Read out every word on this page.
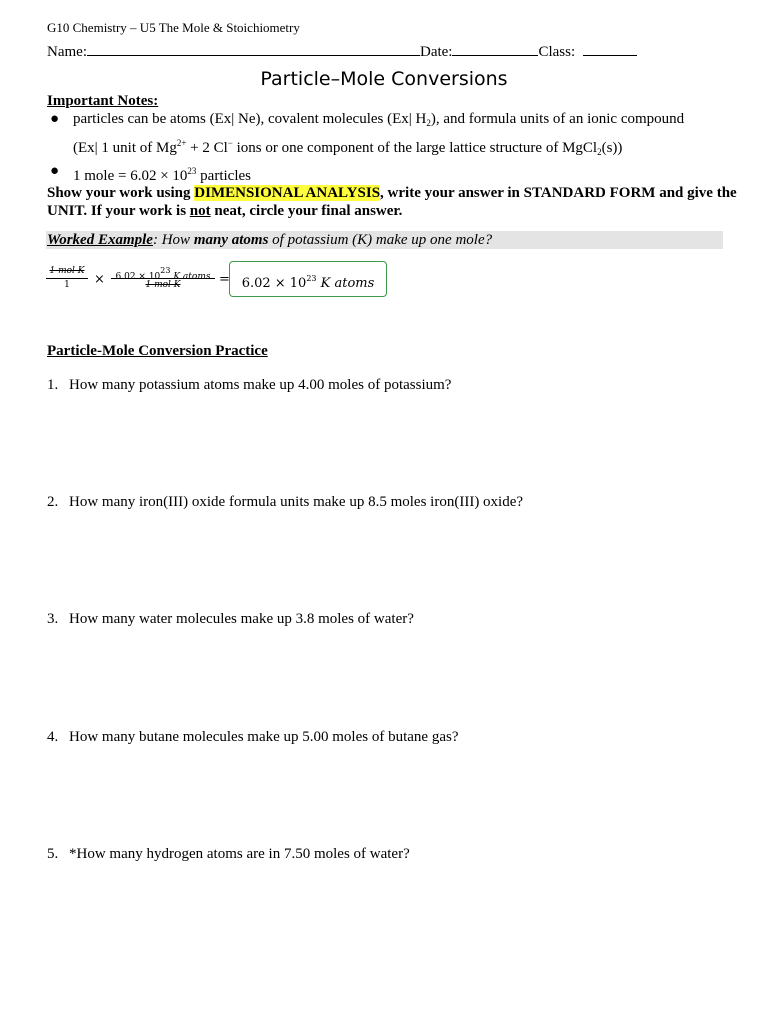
G10 Chemistry – U5 The Mole & Stoichiometry
Name:	Date:	Class:
Particle–Mole Conversions
Important Notes:
● particles can be atoms (Ex| Ne), covalent molecules (Ex| $H_2$), and formula units of an ionic compound
(Ex| 1 unit of $Mg^{2+} + 2$ Cl− ions or one component of the large lattice structure of MgCl$_2$(s))
● 1 mole = $6.02 \times 10^{23}$ particles
Show your work using DIMENSIONAL ANALYSIS, write your answer in STANDARD FORM and give the UNIT. If your work is not neat, circle your final answer.
Worked Example: How many atoms of potassium (K) make up one mole?
1 mol K
1	×	$6.02 \times 10^{23}$ K atoms
1 mol K	= $6.02 \times 10^{23}$ K atoms
Particle-Mole Conversion Practice
1. How many potassium atoms make up 4.00 moles of potassium?
2. How many iron(III) oxide formula units make up 8.5 moles iron(III) oxide?
3. How many water molecules make up 3.8 moles of water?
4. How many butane molecules make up 5.00 moles of butane gas?
5. *How many hydrogen atoms are in 7.50 moles of water?
